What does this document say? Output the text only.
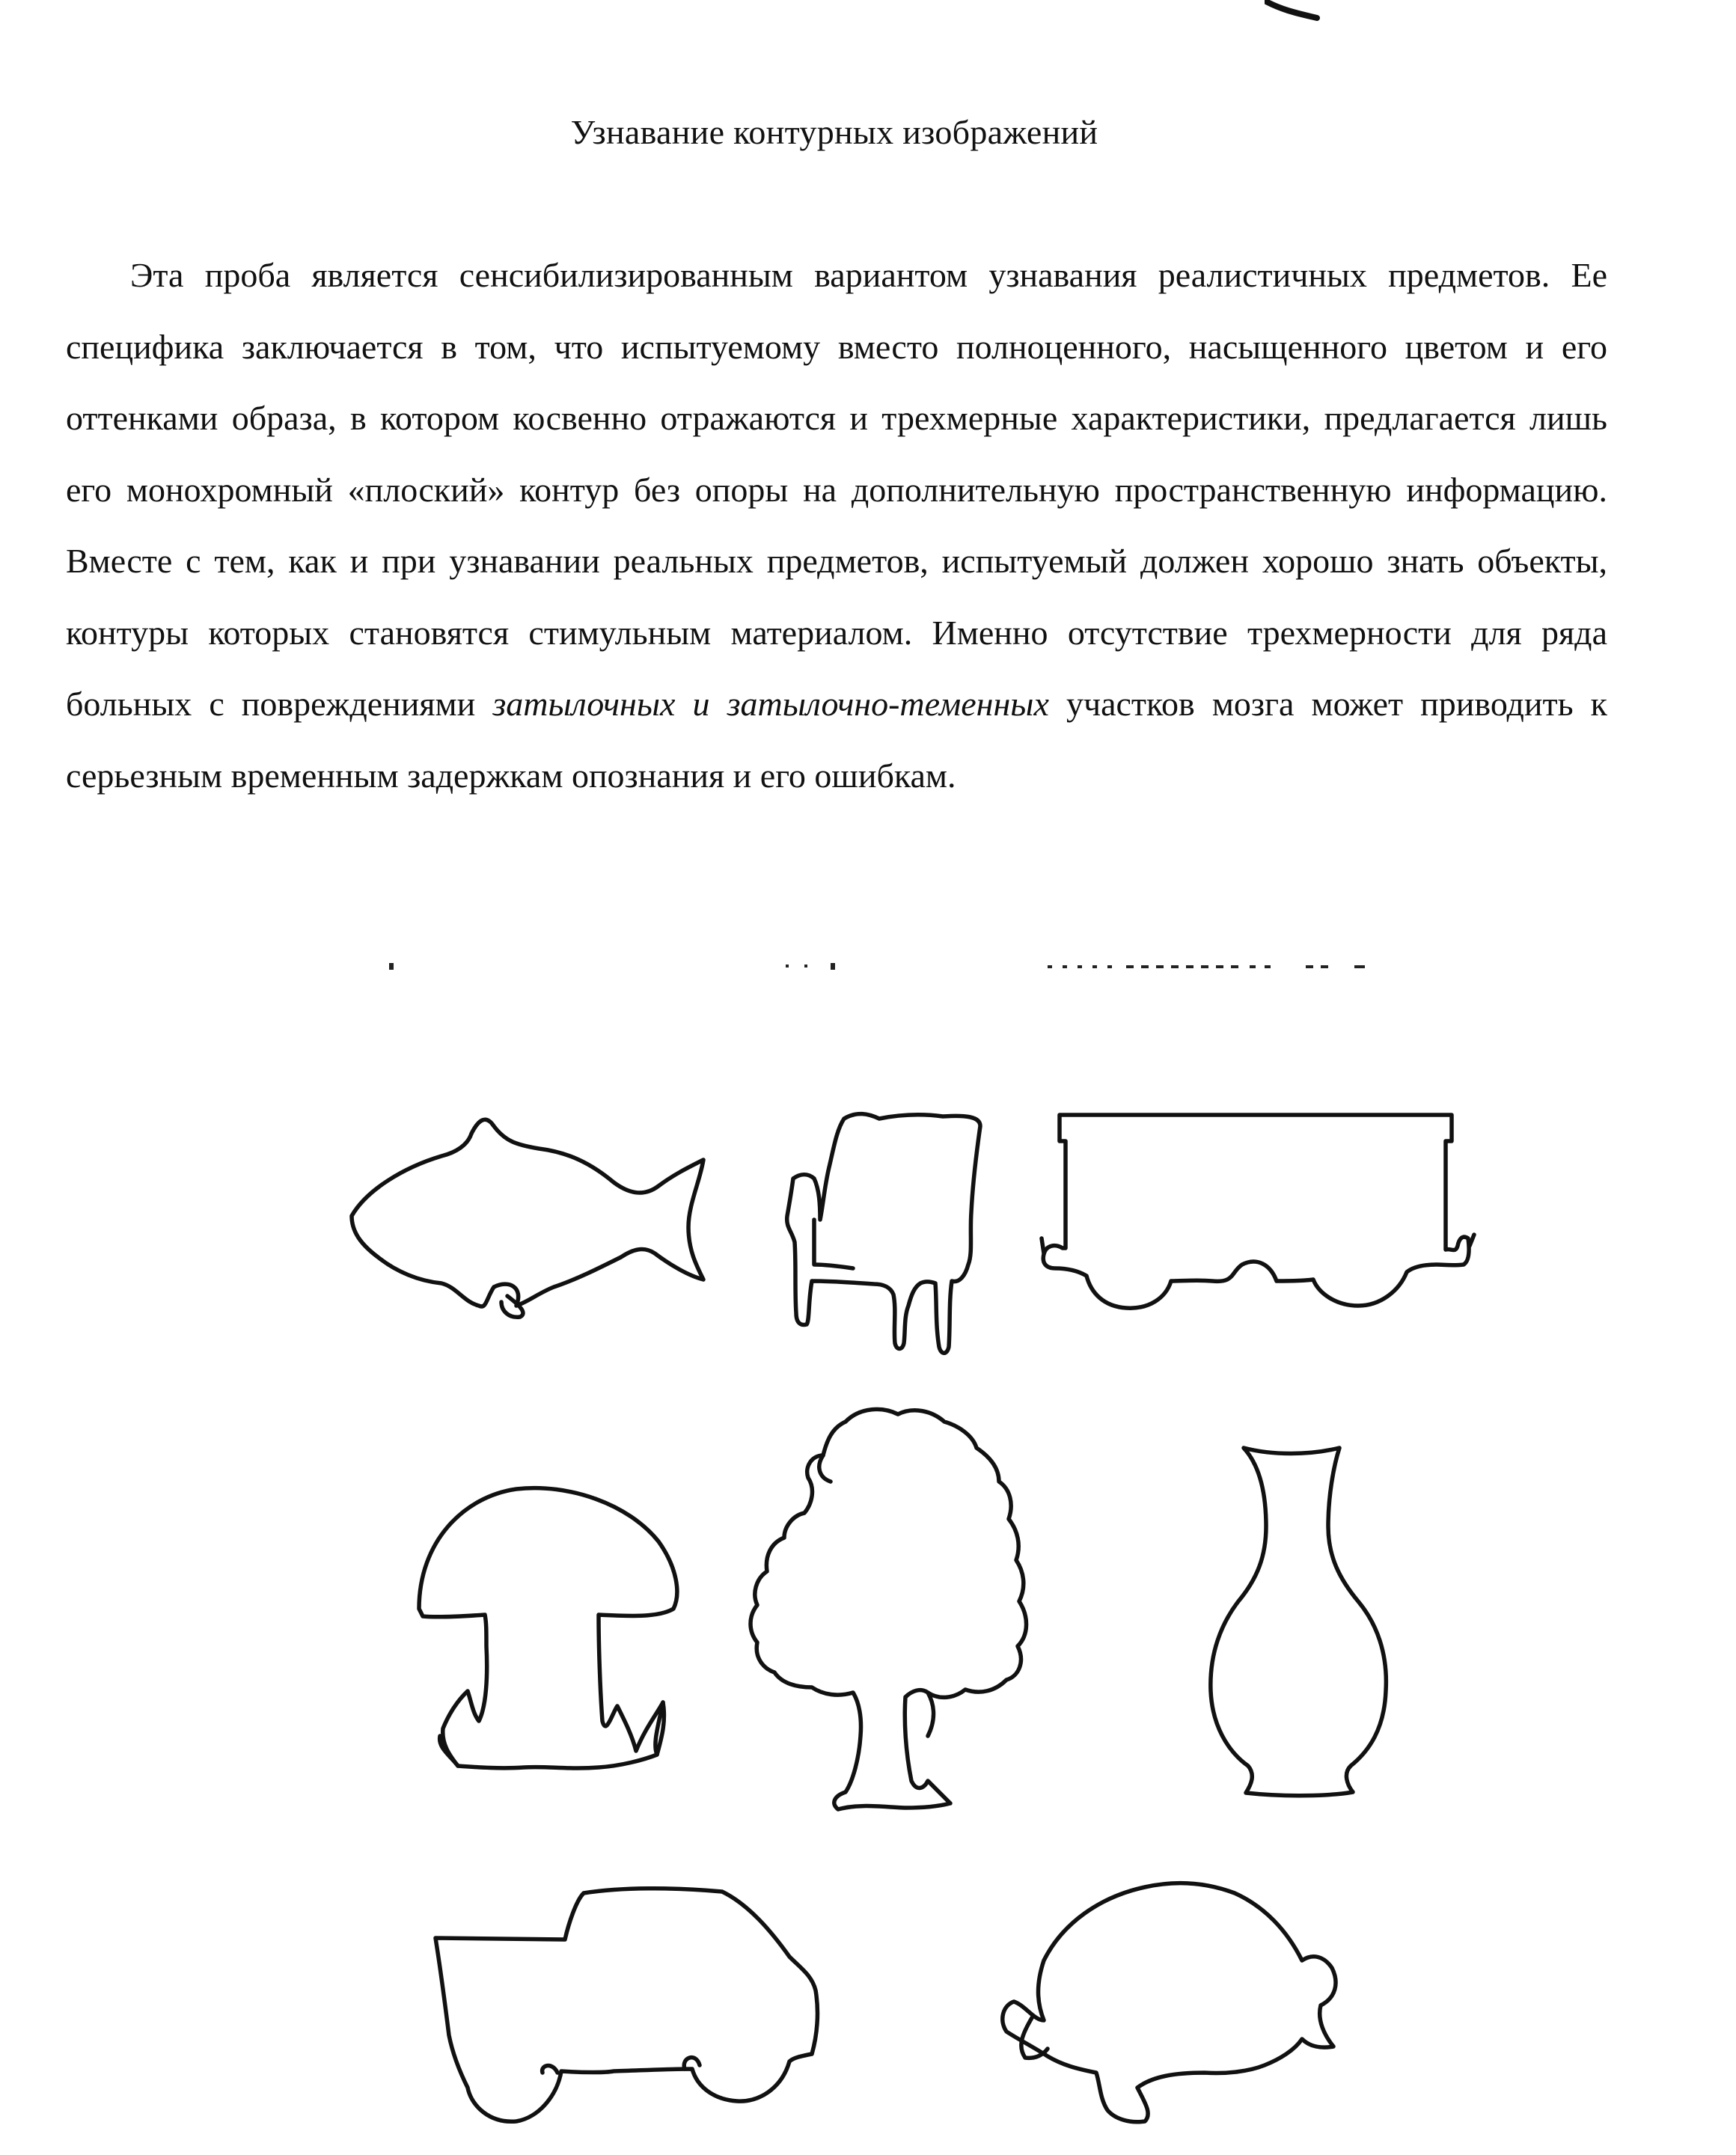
Узнавание контурных изображений
Эта проба является сенсибилизированным вариантом узнавания реалистичных предметов. Ее специфика заключается в том, что испытуемому вместо полноценного, насыщенного цветом и его оттенками образа, в котором косвенно отражаются и трехмерные характеристики, предлагается лишь его монохромный «плоский» контур без опоры на дополнительную пространственную информацию. Вместе с тем, как и при узнавании реальных предметов, испытуемый должен хорошо знать объекты, контуры которых становятся стимульным материалом. Именно отсутствие трехмерности для ряда больных с повреждениями затылочных и затылочно-теменных участков мозга может приводить к серьезным временным задержкам опознания и его ошибкам.
